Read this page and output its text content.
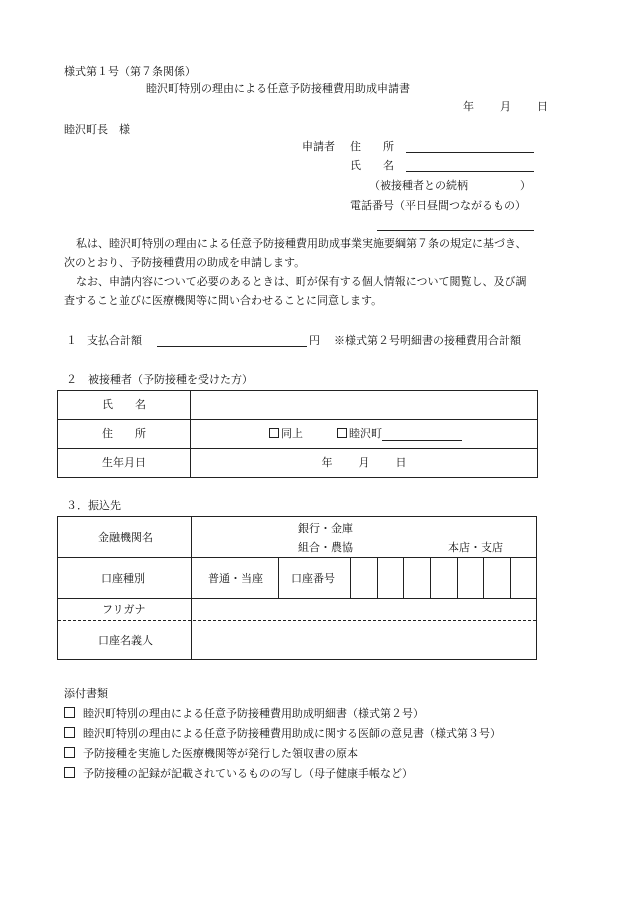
様式第１号（第７条関係）
睦沢町特別の理由による任意予防接種費用助成申請書
年 月 日
睦沢町長　様
申請者 住　　所
氏　　名
（被接種者との続柄	）
電話番号（平日昼間つながるもの）
私は、睦沢町特別の理由による任意予防接種費用助成事業実施要綱第７条の規定に基づき、
次のとおり、予防接種費用の助成を申請します。
なお、申請内容について必要のあるときは、町が保有する個人情報について閲覧し、及び調
査すること並びに医療機関等に問い合わせることに同意します。
１ 支払合計額	円 ※様式第２号明細書の接種費用合計額
２　被接種者（予防接種を受けた方）
氏　　名	
住　　所	同上 睦沢町
生年月日	年 月 日
３．振込先
金融機関名
銀行・金庫
組合・農協	本店・支店
口座種別	普通・当座	口座番号
フリガナ
口座名義人
添付書類
睦沢町特別の理由による任意予防接種費用助成明細書（様式第２号）
睦沢町特別の理由による任意予防接種費用助成に関する医師の意見書（様式第３号）
予防接種を実施した医療機関等が発行した領収書の原本
予防接種の記録が記載されているものの写し（母子健康手帳など）
